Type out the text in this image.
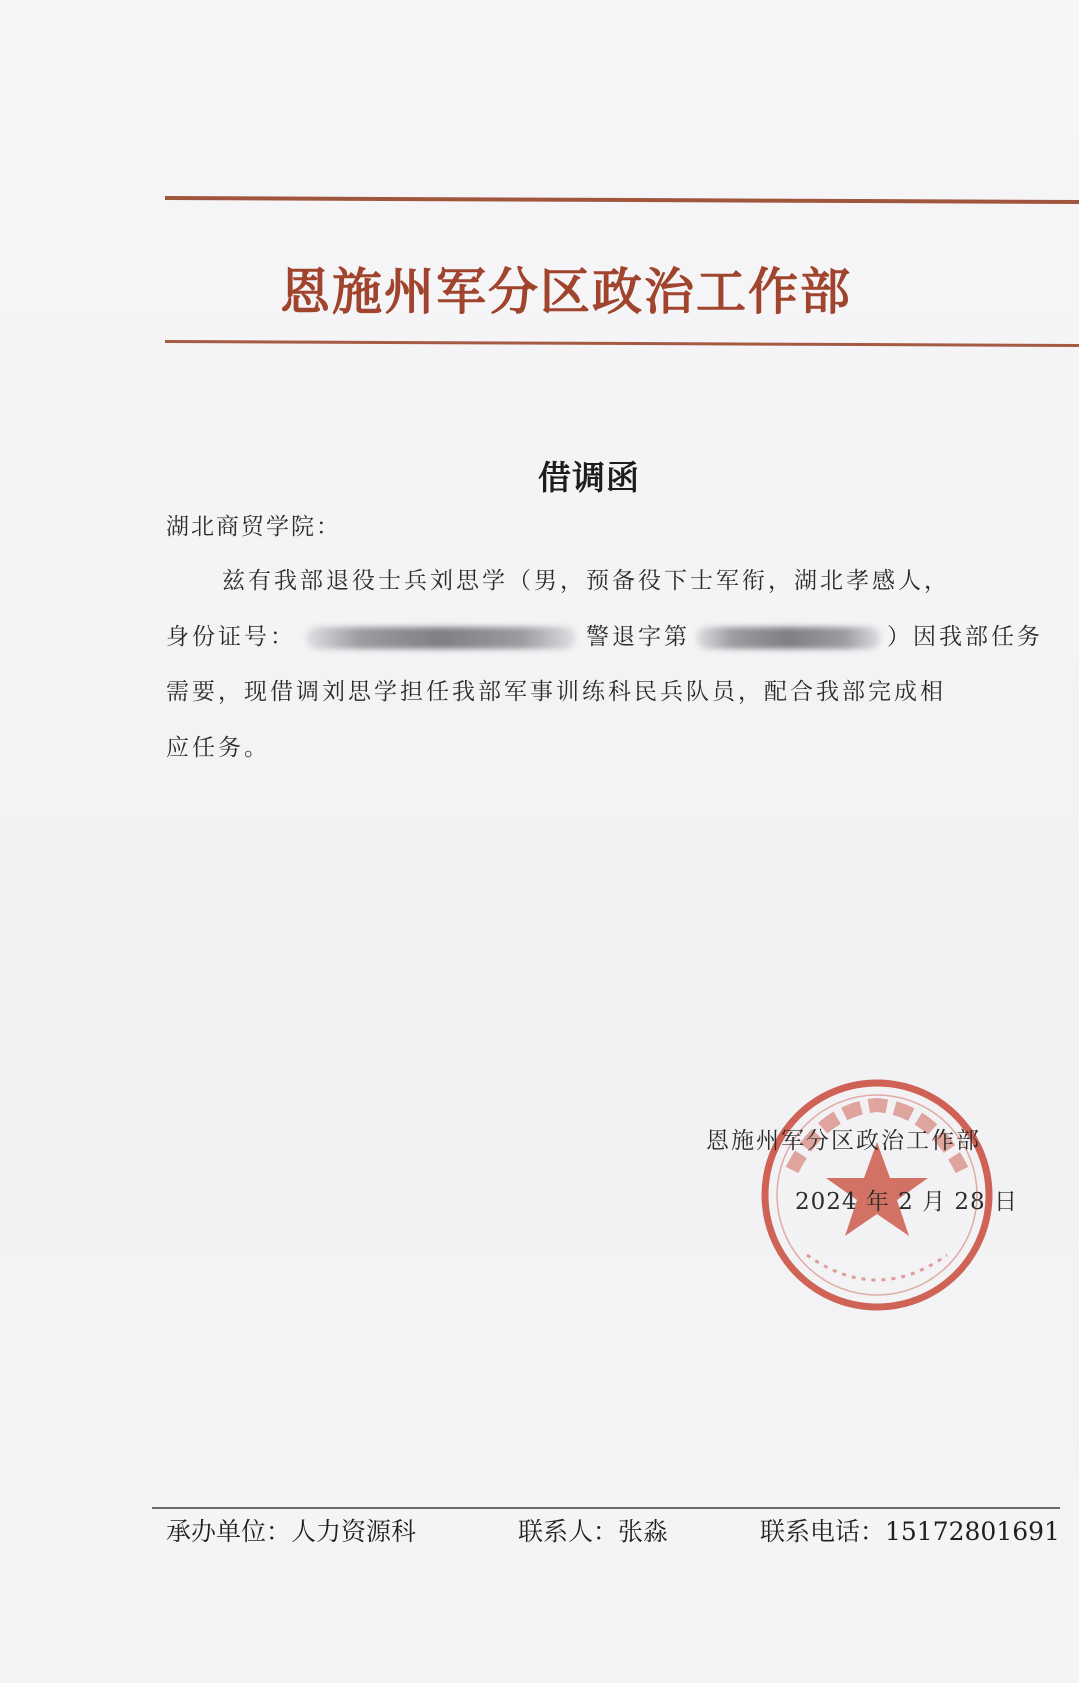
恩施州军分区政治工作部
借调函
湖北商贸学院：
兹有我部退役士兵刘思学（男，预备役下士军衔，湖北孝感人，
身份证号：	警退字第	）因我部任务
需要，现借调刘思学担任我部军事训练科民兵队员，配合我部完成相
应任务。
恩施州军分区政治工作部
2024 年 2 月 28 日
承办单位：人力资源科	联系人：张淼	联系电话：15172801691
